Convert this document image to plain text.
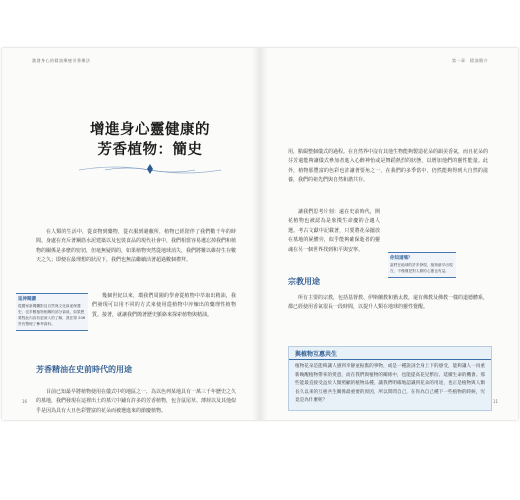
激發身心的精油療癒芳香療法
增進身心靈健康的
芳香植物：簡史

在人類的生活中，從食物到藥物，從衣服到避蔽所，植物已經陪伴了我們數千年的時間。身處在充斥著鋼筋水泥建築以及包裝食品的現代社會中，我們相當容易遺忘掉我們和植物的關係是多麼的密切，但毫無疑問的，如果植物突然從地球消失，我們將難以維持生存數天之久；即便在最理想的狀況下，我們也無法繼續活著超過數個禮拜。

延伸閱讀
從國家新聞攝影及自然與文化資產保護史，沒多數植物相關的部分資訊，如果想要對此內容有更深入的了解，我在第 206 頁有整理了參考資料。

幾個世紀以來，環我們周圍的學會從植物中萃取出精油，我們發現可以用不同的方式來使用從植物中淬煉出的藥理性植物質。接著，就讓我們簡著歷史脈絡來探索植物與精油。

芳香精油在史前時代的用途

目前已知最早將植物使用在儀式中的地區之一，為以色列某地具有一萬三千年歷史之久的墓地，我們發現在這裡出土的墓穴中鋪有許多的芳香植物，包含鼠尾草、薄荷以及其他似乎是因為具有大且色彩豐富的花朵而被選進來的節慶植物。

16
第一章　精油簡介

用，點綴整個儀式的過程。在自然界中沒有其他生物能夠製造花朵的韻美香氣，而且花朵的芬芳還能夠讓儀式參加者進入心醉神怡或是舞蹈熱烈的狀態，以增加他們的靈性能量。此外，植物那豐富的色彩也許讓著要角之一，在我們的多季當中，仍然能夠得到大自然的滋養，我們的祖先們與自然和諧共存。

讓我們思考片刻：遠在史前時代，開花植物也被認為是象徵生命慶的合適人選。考古文獻中記載著，只要將花朵擺放在墓地的屍體旁，似乎能夠確保逝者的靈魂在另一個世界找到和平與安寧。

你知道嗎？
當們在地球的許多發現，植物最早出現在，不僅僅是對人類的心靈也有益。
宗教用途

所有主要的宗教，包括基督教、伊斯蘭教和猶太教，還有佛教及佛教一樣的道德體系，都已經使用香氣很長一段時間，以提升人類在地球的靈性覺醒。

與植物互惠共生

植物花朵是能夠讓人感到幸靜並振奮的事物，或是一種說詞全身上下的感受，能夠讓人一再重新喚醒植物帶來的愛意，而在我們與植物的關係中，也能提高花兒繁衍、延續生命的機會。那些能最直接受益於人類照顧的植物品種，讓我們明確地認識到花朵的用途，也正是植物與人類長久以來的互惠共生關係最重要的原因，所以問問自己，在你為自己種下一些植物的時候，究竟是為什麼呢？	11
